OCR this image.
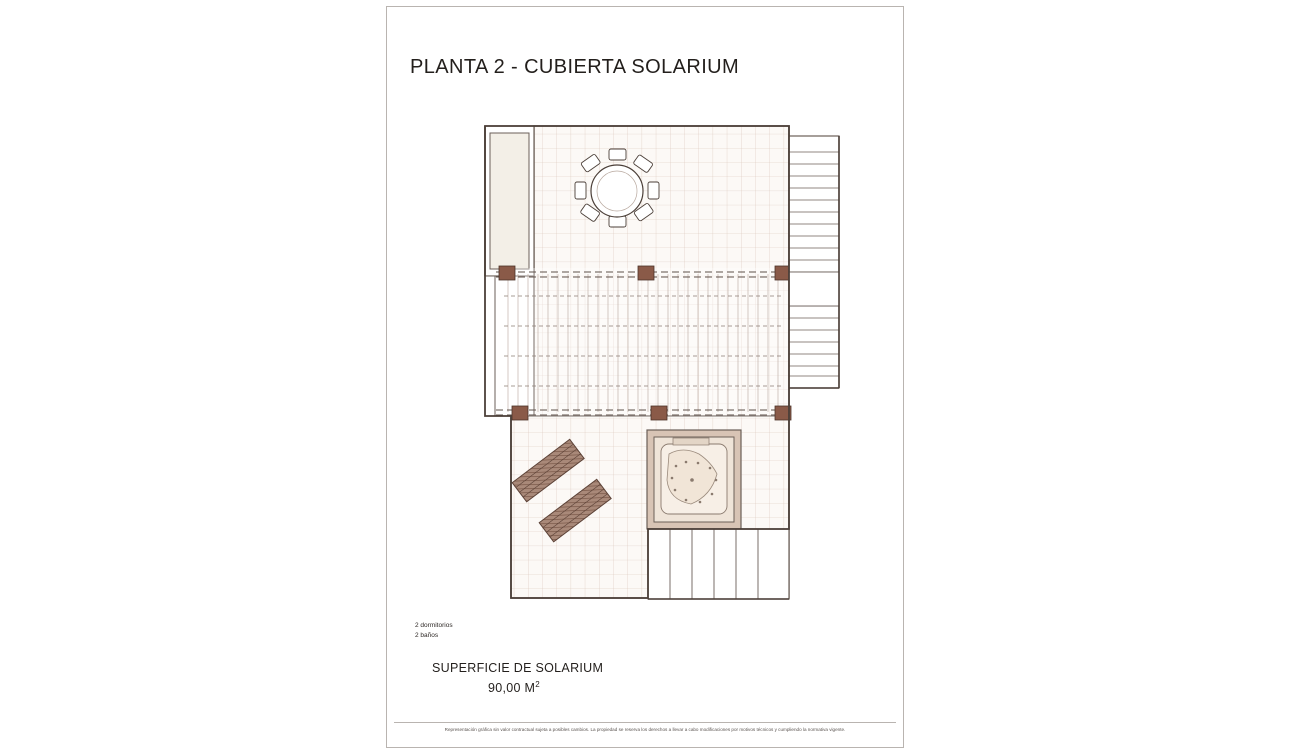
PLANTA 2 - CUBIERTA SOLARIUM
2 dormitorios
2 baños
SUPERFICIE DE SOLARIUM
90,00 $M^2$
Representación gráfica sin valor contractual sujeta a posibles cambios. La propiedad se reserva los derechos a llevar a cabo modificaciones por motivos técnicos y cumpliendo la normativa vigente.
